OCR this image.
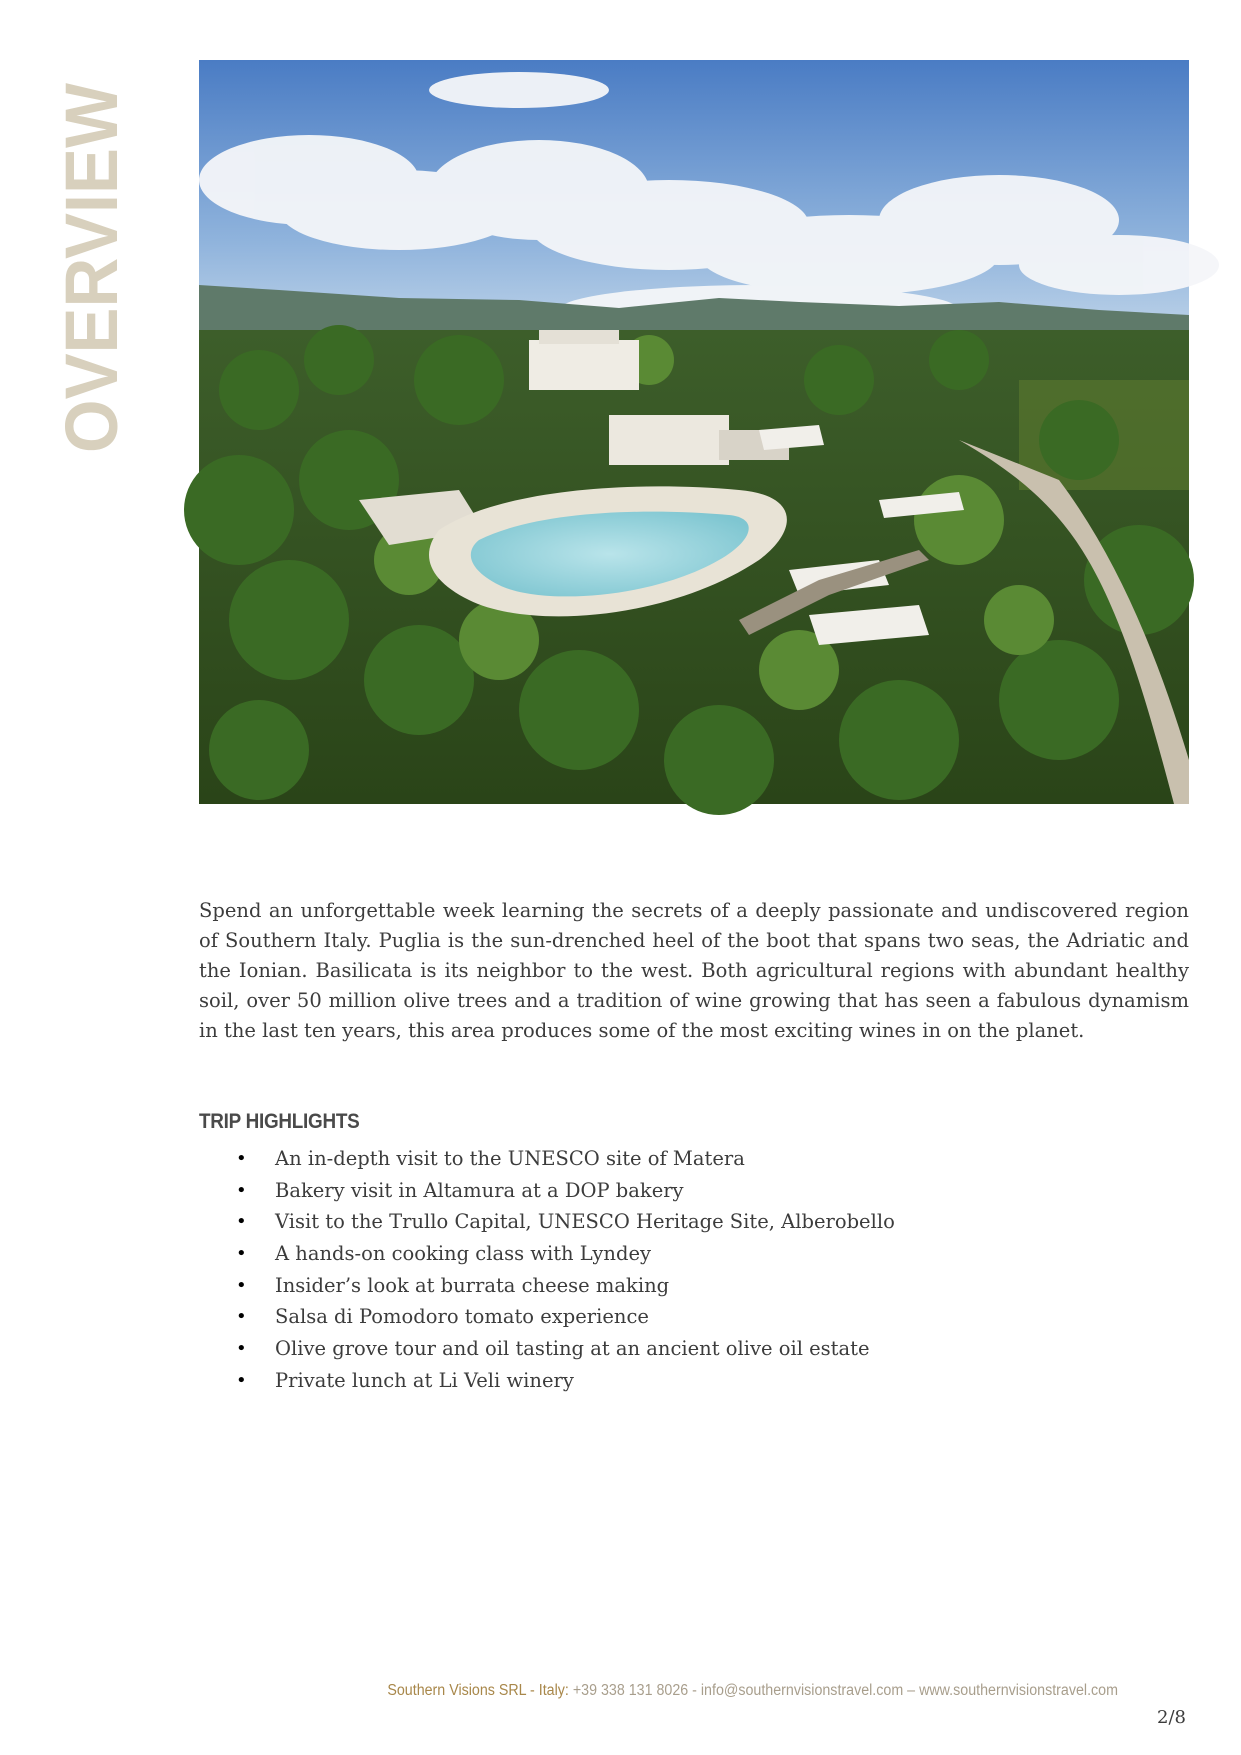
OVERVIEW

Spend an unforgettable week learning the secrets of a deeply passionate and undiscovered region of Southern Italy. Puglia is the sun-drenched heel of the boot that spans two seas, the Adriatic and the Ionian. Basilicata is its neighbor to the west. Both agricultural regions with abundant healthy soil, over 50 million olive trees and a tradition of wine growing that has seen a fabulous dynamism in the last ten years, this area produces some of the most exciting wines in on the planet.

TRIP HIGHLIGHTS
• An in-depth visit to the UNESCO site of Matera
• Bakery visit in Altamura at a DOP bakery
• Visit to the Trullo Capital, UNESCO Heritage Site, Alberobello
• A hands-on cooking class with Lyndey
• Insider’s look at burrata cheese making
• Salsa di Pomodoro tomato experience
• Olive grove tour and oil tasting at an ancient olive oil estate
• Private lunch at Li Veli winery
Southern Visions SRL - Italy: +39 338 131 8026 - info@southernvisionstravel.com – www.southernvisionstravel.com
2/8
